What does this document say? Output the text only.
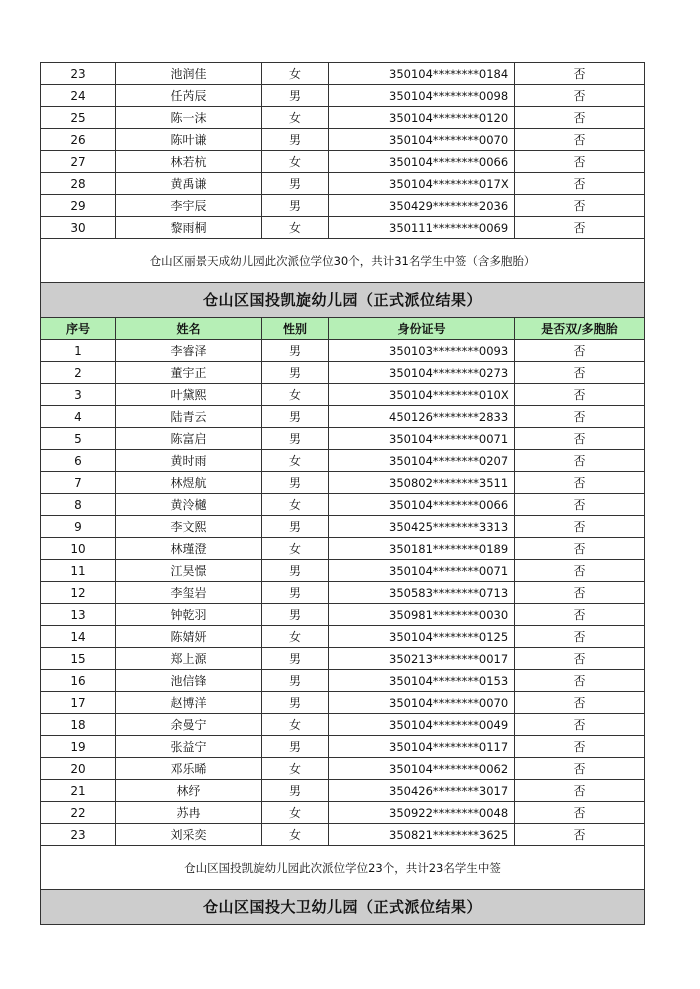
23	池润佳	女	350104********0184	否
24	任芮辰	男	350104********0098	否
25	陈一沫	女	350104********0120	否
26	陈叶谦	男	350104********0070	否
27	林若杭	女	350104********0066	否
28	黄禹谦	男	350104********017X	否
29	李宇辰	男	350429********2036	否
30	黎雨桐	女	350111********0069	否
仓山区丽景天成幼儿园此次派位学位30个，共计31名学生中签（含多胞胎）				
仓山区国投凯旋幼儿园（正式派位结果）				
序号	姓名	性别	身份证号	是否双/多胞胎
1	李睿泽	男	350103********0093	否
2	董宇正	男	350104********0273	否
3	叶黛熙	女	350104********010X	否
4	陆青云	男	450126********2833	否
5	陈富启	男	350104********0071	否
6	黄时雨	女	350104********0207	否
7	林煜航	男	350802********3511	否
8	黄泠樾	女	350104********0066	否
9	李文熙	男	350425********3313	否
10	林瑾澄	女	350181********0189	否
11	江昊憬	男	350104********0071	否
12	李玺岩	男	350583********0713	否
13	钟乾羽	男	350981********0030	否
14	陈婧妍	女	350104********0125	否
15	郑上源	男	350213********0017	否
16	池信锋	男	350104********0153	否
17	赵博洋	男	350104********0070	否
18	余曼宁	女	350104********0049	否
19	张益宁	男	350104********0117	否
20	邓乐晞	女	350104********0062	否
21	林纾	男	350426********3017	否
22	苏冉	女	350922********0048	否
23	刘采奕	女	350821********3625	否
仓山区国投凯旋幼儿园此次派位学位23个，共计23名学生中签				
仓山区国投大卫幼儿园（正式派位结果）				
